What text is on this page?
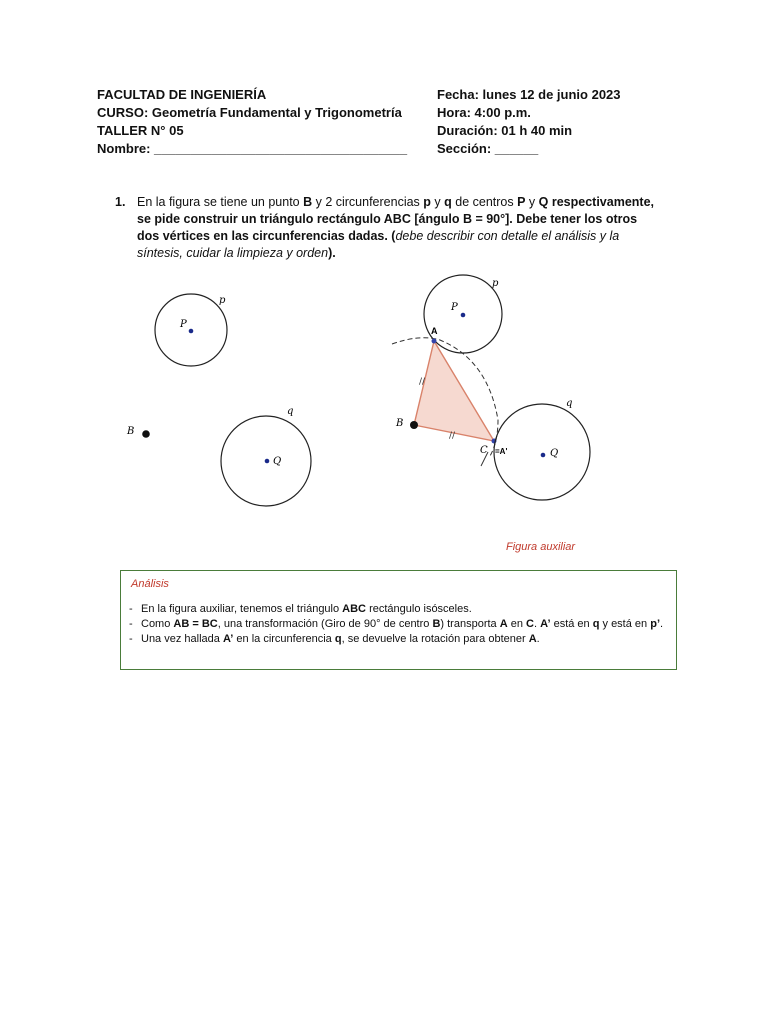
FACULTAD DE INGENIERÍA
CURSO: Geometría Fundamental y Trigonometría
TALLER N° 05
Nombre: ___________________________________
Fecha: lunes 12 de junio 2023
Hora: 4:00 p.m.
Duración: 01 h 40 min
Sección: ______
1. En la figura se tiene un punto B y 2 circunferencias p y q de centros P y Q respectivamente, se pide construir un triángulo rectángulo ABC [ángulo B = 90°]. Debe tener los otros dos vértices en las circunferencias dadas. (debe describir con detalle el análisis y la síntesis, cuidar la limpieza y orden).
P
p
Q
q
B
P
p
//
//
A
B
C =A'	Q
q
Figura auxiliar
Análisis
- En la figura auxiliar, tenemos el triángulo ABC rectángulo isósceles.
- Como AB = BC, una transformación (Giro de 90° de centro B) transporta A en C. A’ está en q y está en p’.
- Una vez hallada A’ en la circunferencia q, se devuelve la rotación para obtener A.
